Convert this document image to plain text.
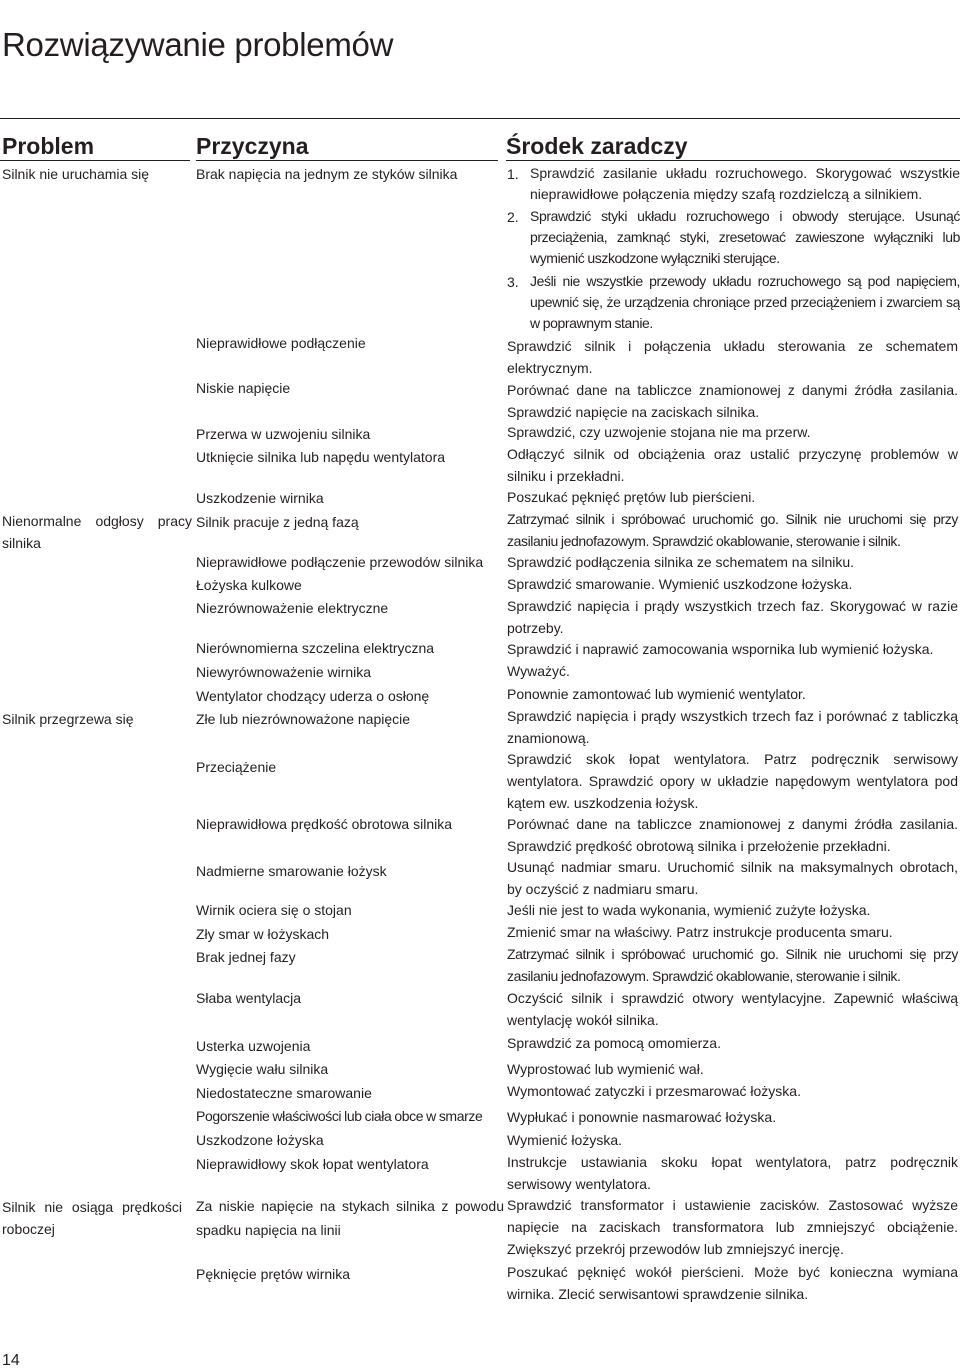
Rozwiązywanie problemów
Problem	Przyczyna	Środek zaradczy
Silnik nie uruchamia się
Nienormalne odgłosy pracy silnika
Silnik przegrzewa się
Silnik nie osiąga prędkości roboczej
Brak napięcia na jednym ze styków silnika
Nieprawidłowe podłączenie
Niskie napięcie
Przerwa w uzwojeniu silnika
Utknięcie silnika lub napędu wentylatora
Uszkodzenie wirnika
Silnik pracuje z jedną fazą
Nieprawidłowe podłączenie przewodów silnika
Łożyska kulkowe
Niezrównoważenie elektryczne
Nierównomierna szczelina elektryczna
Niewyrównoważenie wirnika
Wentylator chodzący uderza o osłonę
Złe lub niezrównoważone napięcie
Przeciążenie
Nieprawidłowa prędkość obrotowa silnika
Nadmierne smarowanie łożysk
Wirnik ociera się o stojan
Zły smar w łożyskach
Brak jednej fazy
Słaba wentylacja
Usterka uzwojenia
Wygięcie wału silnika
Niedostateczne smarowanie
Pogorszenie właściwości lub ciała obce w smarze
Uszkodzone łożyska
Nieprawidłowy skok łopat wentylatora
Za niskie napięcie na stykach silnika z powodu spadku napięcia na linii
Pęknięcie prętów wirnika
1. Sprawdzić zasilanie układu rozruchowego. Skorygować wszystkie nieprawidłowe połączenia między szafą rozdzielczą a silnikiem.
2. Sprawdzić styki układu rozruchowego i obwody sterujące. Usunąć przeciążenia, zamknąć styki, zresetować zawieszone wyłączniki lub wymienić uszkodzone wyłączniki sterujące.
3. Jeśli nie wszystkie przewody układu rozruchowego są pod napięciem, upewnić się, że urządzenia chroniące przed przeciążeniem i zwarciem są w poprawnym stanie.
Sprawdzić silnik i połączenia układu sterowania ze schematem elektrycznym.
Porównać dane na tabliczce znamionowej z danymi źródła zasilania. Sprawdzić napięcie na zaciskach silnika.
Sprawdzić, czy uzwojenie stojana nie ma przerw.
Odłączyć silnik od obciążenia oraz ustalić przyczynę problemów w silniku i przekładni.
Poszukać pęknięć prętów lub pierścieni.
Zatrzymać silnik i spróbować uruchomić go. Silnik nie uruchomi się przy zasilaniu jednofazowym. Sprawdzić okablowanie, sterowanie i silnik.
Sprawdzić podłączenia silnika ze schematem na silniku.
Sprawdzić smarowanie. Wymienić uszkodzone łożyska.
Sprawdzić napięcia i prądy wszystkich trzech faz. Skorygować w razie potrzeby.
Sprawdzić i naprawić zamocowania wspornika lub wymienić łożyska.
Wyważyć.
Ponownie zamontować lub wymienić wentylator.
Sprawdzić napięcia i prądy wszystkich trzech faz i porównać z tabliczką znamionową.
Sprawdzić skok łopat wentylatora. Patrz podręcznik serwisowy wentylatora. Sprawdzić opory w układzie napędowym wentylatora pod kątem ew. uszkodzenia łożysk.
Porównać dane na tabliczce znamionowej z danymi źródła zasilania. Sprawdzić prędkość obrotową silnika i przełożenie przekładni.
Usunąć nadmiar smaru. Uruchomić silnik na maksymalnych obrotach, by oczyścić z nadmiaru smaru.
Jeśli nie jest to wada wykonania, wymienić zużyte łożyska.
Zmienić smar na właściwy. Patrz instrukcje producenta smaru.
Zatrzymać silnik i spróbować uruchomić go. Silnik nie uruchomi się przy zasilaniu jednofazowym. Sprawdzić okablowanie, sterowanie i silnik.
Oczyścić silnik i sprawdzić otwory wentylacyjne. Zapewnić właściwą wentylację wokół silnika.
Sprawdzić za pomocą omomierza.
Wyprostować lub wymienić wał.
Wymontować zatyczki i przesmarować łożyska.
Wypłukać i ponownie nasmarować łożyska.
Wymienić łożyska.
Instrukcje ustawiania skoku łopat wentylatora, patrz podręcznik serwisowy wentylatora.
Sprawdzić transformator i ustawienie zacisków. Zastosować wyższe napięcie na zaciskach transformatora lub zmniejszyć obciążenie. Zwiększyć przekrój przewodów lub zmniejszyć inercję.
Poszukać pęknięć wokół pierścieni. Może być konieczna wymiana wirnika. Zlecić serwisantowi sprawdzenie silnika.
14
